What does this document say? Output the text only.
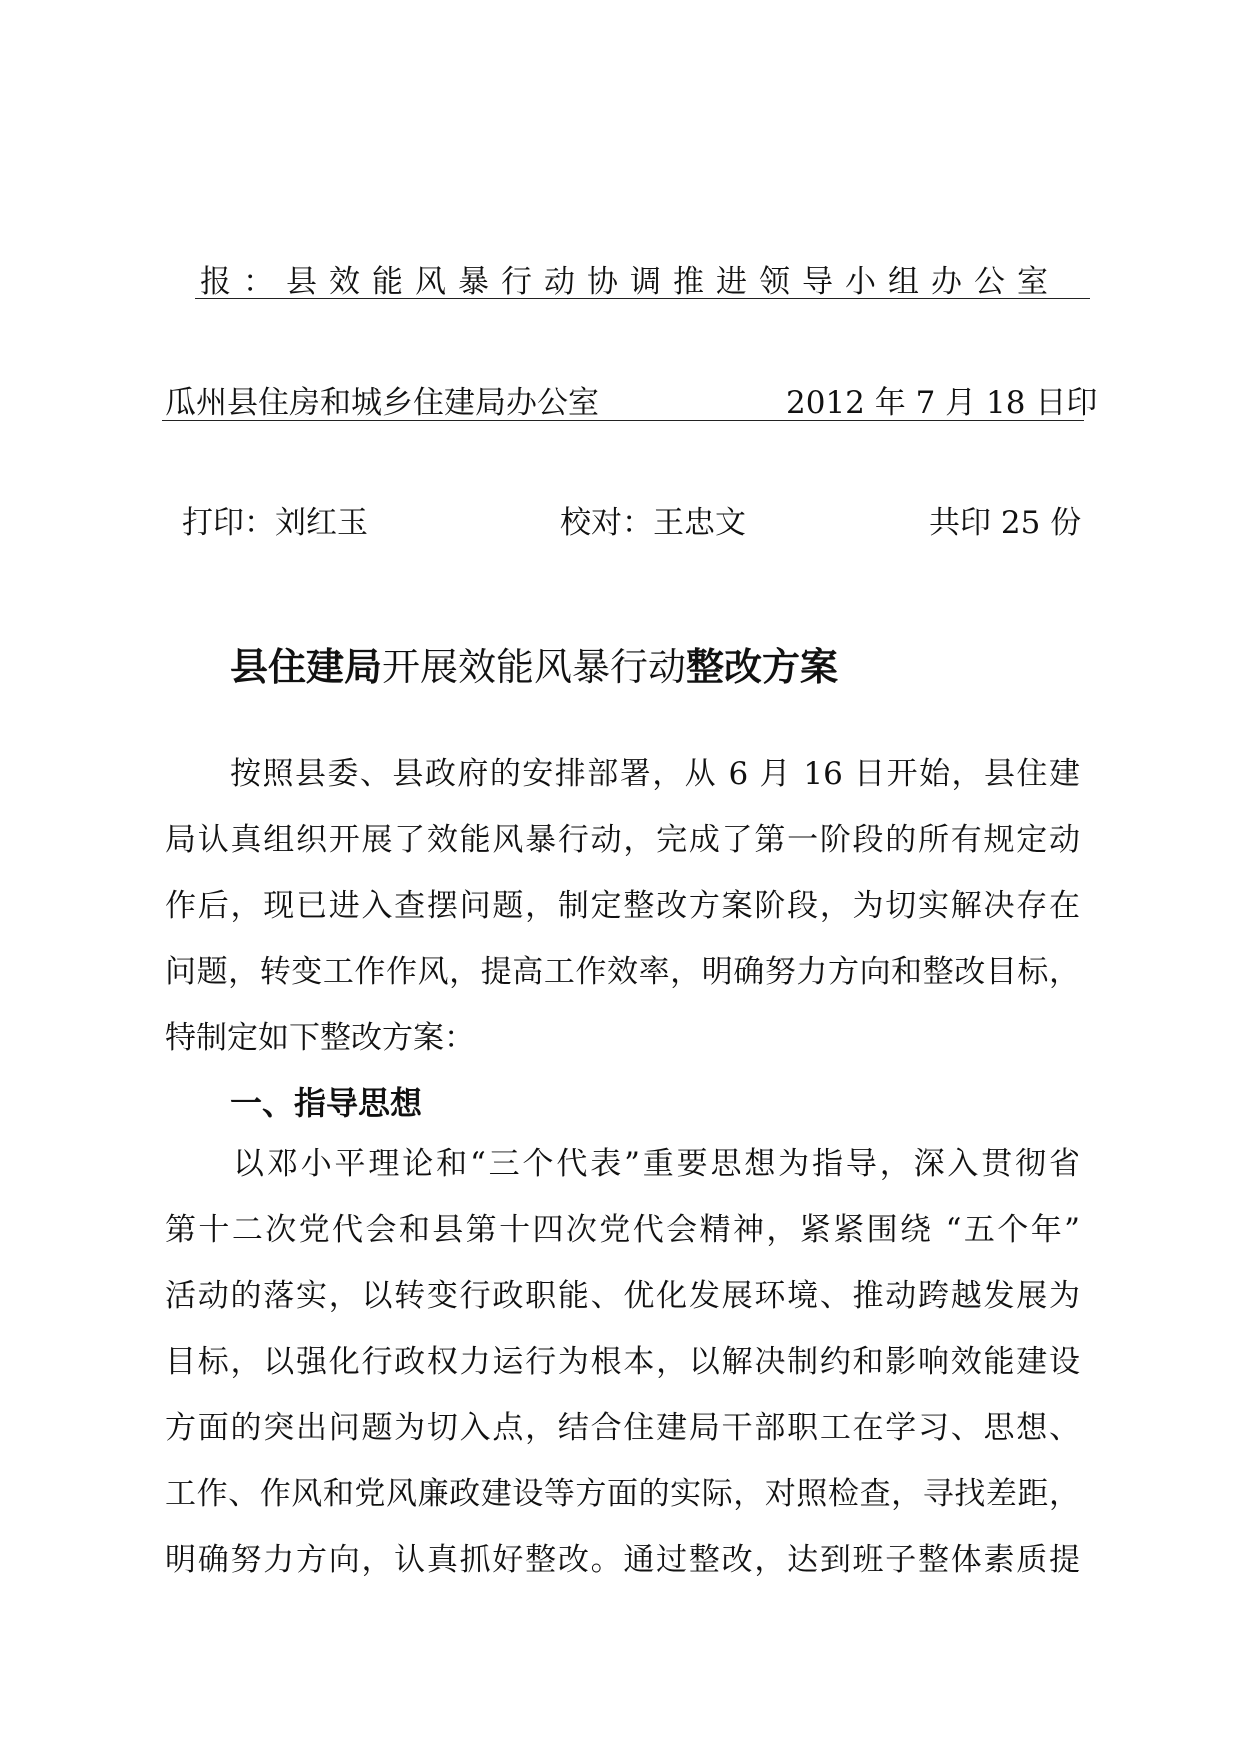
报：县效能风暴行动协调推进领导小组办公室
瓜州县住房和城乡住建局办公室	2012 年 7 月 18 日印
打印：刘红玉	校对：王忠文	共印 25 份
县住建局开展效能风暴行动整改方案
按照县委、县政府的安排部署，从 6 月 16 日开始，县住建
局认真组织开展了效能风暴行动，完成了第一阶段的所有规定动
作后，现已进入查摆问题，制定整改方案阶段，为切实解决存在
问题，转变工作作风，提高工作效率，明确努力方向和整改目标，
特制定如下整改方案：
一、指导思想
以邓小平理论和“三个代表”重要思想为指导，深入贯彻省
第十二次党代会和县第十四次党代会精神，紧紧围绕 “五个年”
活动的落实，以转变行政职能、优化发展环境、推动跨越发展为
目标，以强化行政权力运行为根本，以解决制约和影响效能建设
方面的突出问题为切入点，结合住建局干部职工在学习、思想、
工作、作风和党风廉政建设等方面的实际，对照检查，寻找差距，
明确努力方向，认真抓好整改。通过整改，达到班子整体素质提
